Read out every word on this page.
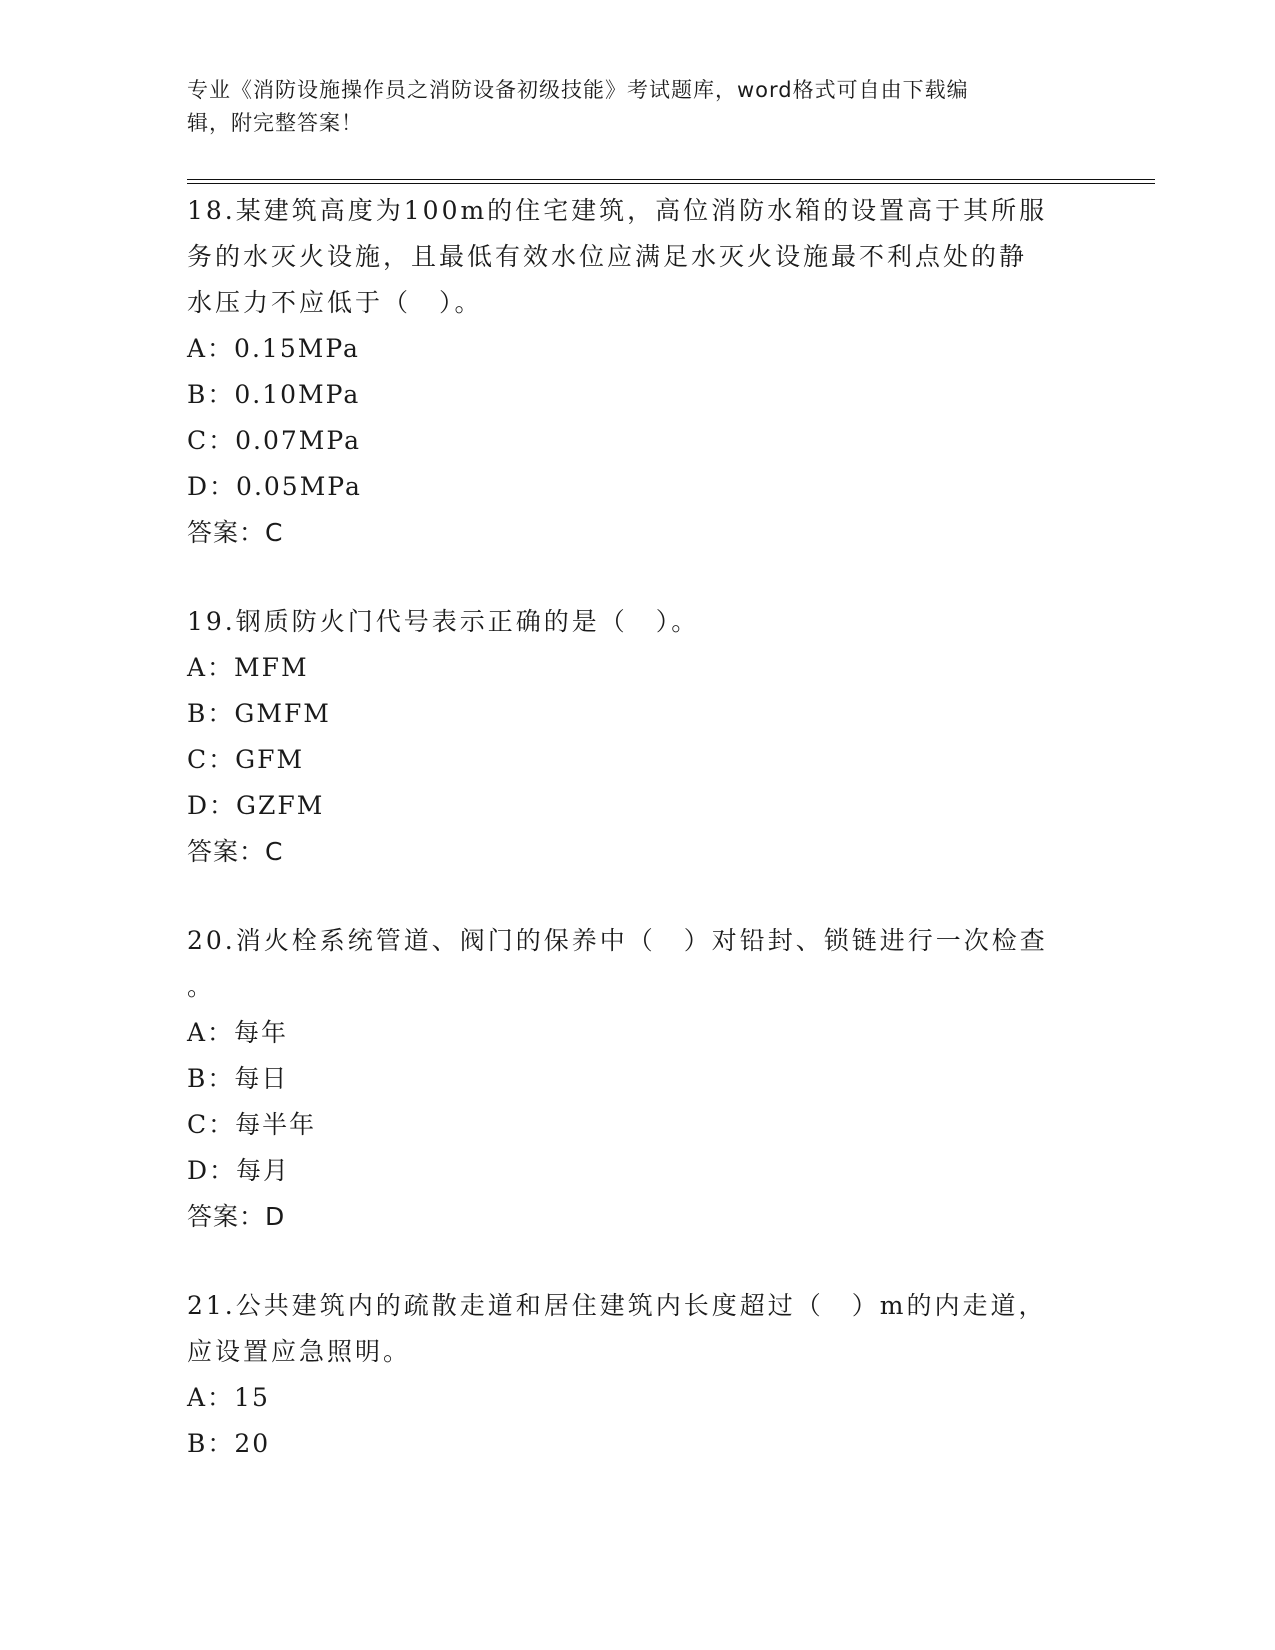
专业《消防设施操作员之消防设备初级技能》考试题库，word格式可自由下载编
辑，附完整答案！

18.某建筑高度为100m的住宅建筑，高位消防水箱的设置高于其所服

务的水灭火设施，且最低有效水位应满足水灭火设施最不利点处的静

水压力不应低于（　）。

A：0.15MPa

B：0.10MPa

C：0.07MPa

D：0.05MPa

答案：C

19.钢质防火门代号表示正确的是（　）。

A：MFM

B：GMFM

C：GFM

D：GZFM

答案：C

20.消火栓系统管道、阀门的保养中（　）对铅封、锁链进行一次检查

。

A：每年

B：每日

C：每半年

D：每月

答案：D

21.公共建筑内的疏散走道和居住建筑内长度超过（　）m的内走道，

应设置应急照明。

A：15

B：20
